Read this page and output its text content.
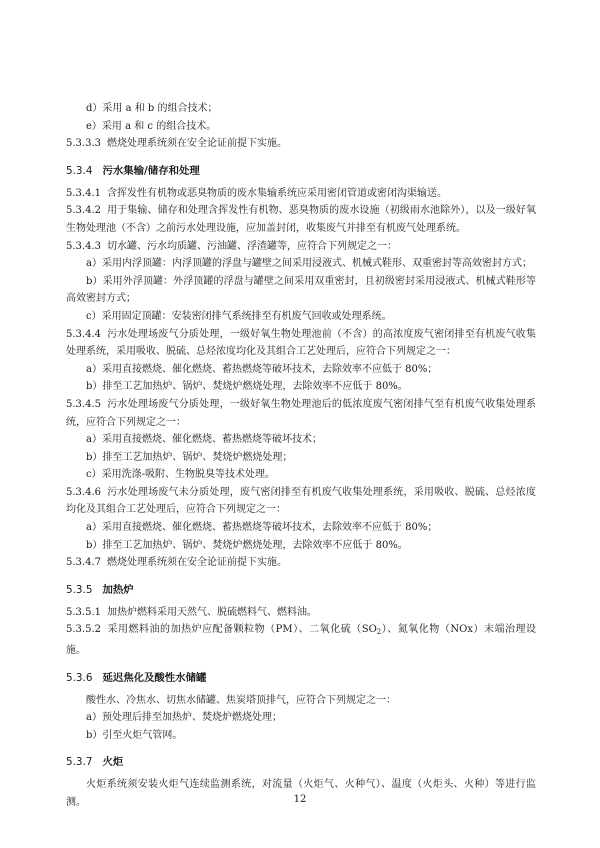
d）采用 a 和 b 的组合技术；

e）采用 a 和 c 的组合技术。

5.3.3.3 燃烧处理系统须在安全论证前提下实施。

5.3.4 污水集输/储存和处理

5.3.4.1 含挥发性有机物或恶臭物质的废水集输系统应采用密闭管道或密闭沟渠输送。

5.3.4.2 用于集输、储存和处理含挥发性有机物、恶臭物质的废水设施（初级雨水池除外），以及一级好氧生物处理池（不含）之前污水处理设施，应加盖封闭，收集废气并排至有机废气处理系统。

5.3.4.3 切水罐、污水均质罐、污油罐、浮渣罐等，应符合下列规定之一：

a）采用内浮顶罐：内浮顶罐的浮盘与罐壁之间采用浸液式、机械式鞋形、双重密封等高效密封方式；

b）采用外浮顶罐：外浮顶罐的浮盘与罐壁之间采用双重密封，且初级密封采用浸液式、机械式鞋形等高效密封方式；

c）采用固定顶罐：安装密闭排气系统排至有机废气回收或处理系统。

5.3.4.4 污水处理场废气分质处理，一级好氧生物处理池前（不含）的高浓度废气密闭排至有机废气收集处理系统，采用吸收、脱硫、总烃浓度均化及其组合工艺处理后，应符合下列规定之一：

a）采用直接燃烧、催化燃烧、蓄热燃烧等破坏技术，去除效率不应低于 80%；

b）排至工艺加热炉、锅炉、焚烧炉燃烧处理，去除效率不应低于 80%。

5.3.4.5 污水处理场废气分质处理，一级好氧生物处理池后的低浓度废气密闭排气至有机废气收集处理系统，应符合下列规定之一：

a）采用直接燃烧、催化燃烧、蓄热燃烧等破坏技术；

b）排至工艺加热炉、锅炉、焚烧炉燃烧处理；

c）采用洗涤-吸附、生物脱臭等技术处理。

5.3.4.6 污水处理场废气未分质处理，废气密闭排至有机废气收集处理系统，采用吸收、脱硫、总烃浓度均化及其组合工艺处理后，应符合下列规定之一：

a）采用直接燃烧、催化燃烧、蓄热燃烧等破坏技术，去除效率不应低于 80%；

b）排至工艺加热炉、锅炉、焚烧炉燃烧处理，去除效率不应低于 80%。

5.3.4.7 燃烧处理系统须在安全论证前提下实施。

5.3.5 加热炉

5.3.5.1 加热炉燃料采用天然气、脱硫燃料气、燃料油。

5.3.5.2 采用燃料油的加热炉应配备颗粒物（PM）、二氧化硫$(SO_2)$、氮氧化物（NOx）末端治理设施。

5.3.6 延迟焦化及酸性水储罐

酸性水、冷焦水、切焦水储罐、焦炭塔顶排气，应符合下列规定之一：

a）预处理后排至加热炉、焚烧炉燃烧处理；

b）引至火炬气管网。

5.3.7 火炬

火炬系统须安装火炬气连续监测系统，对流量（火炬气、火种气）、温度（火炬头、火种）等进行监测。	12
